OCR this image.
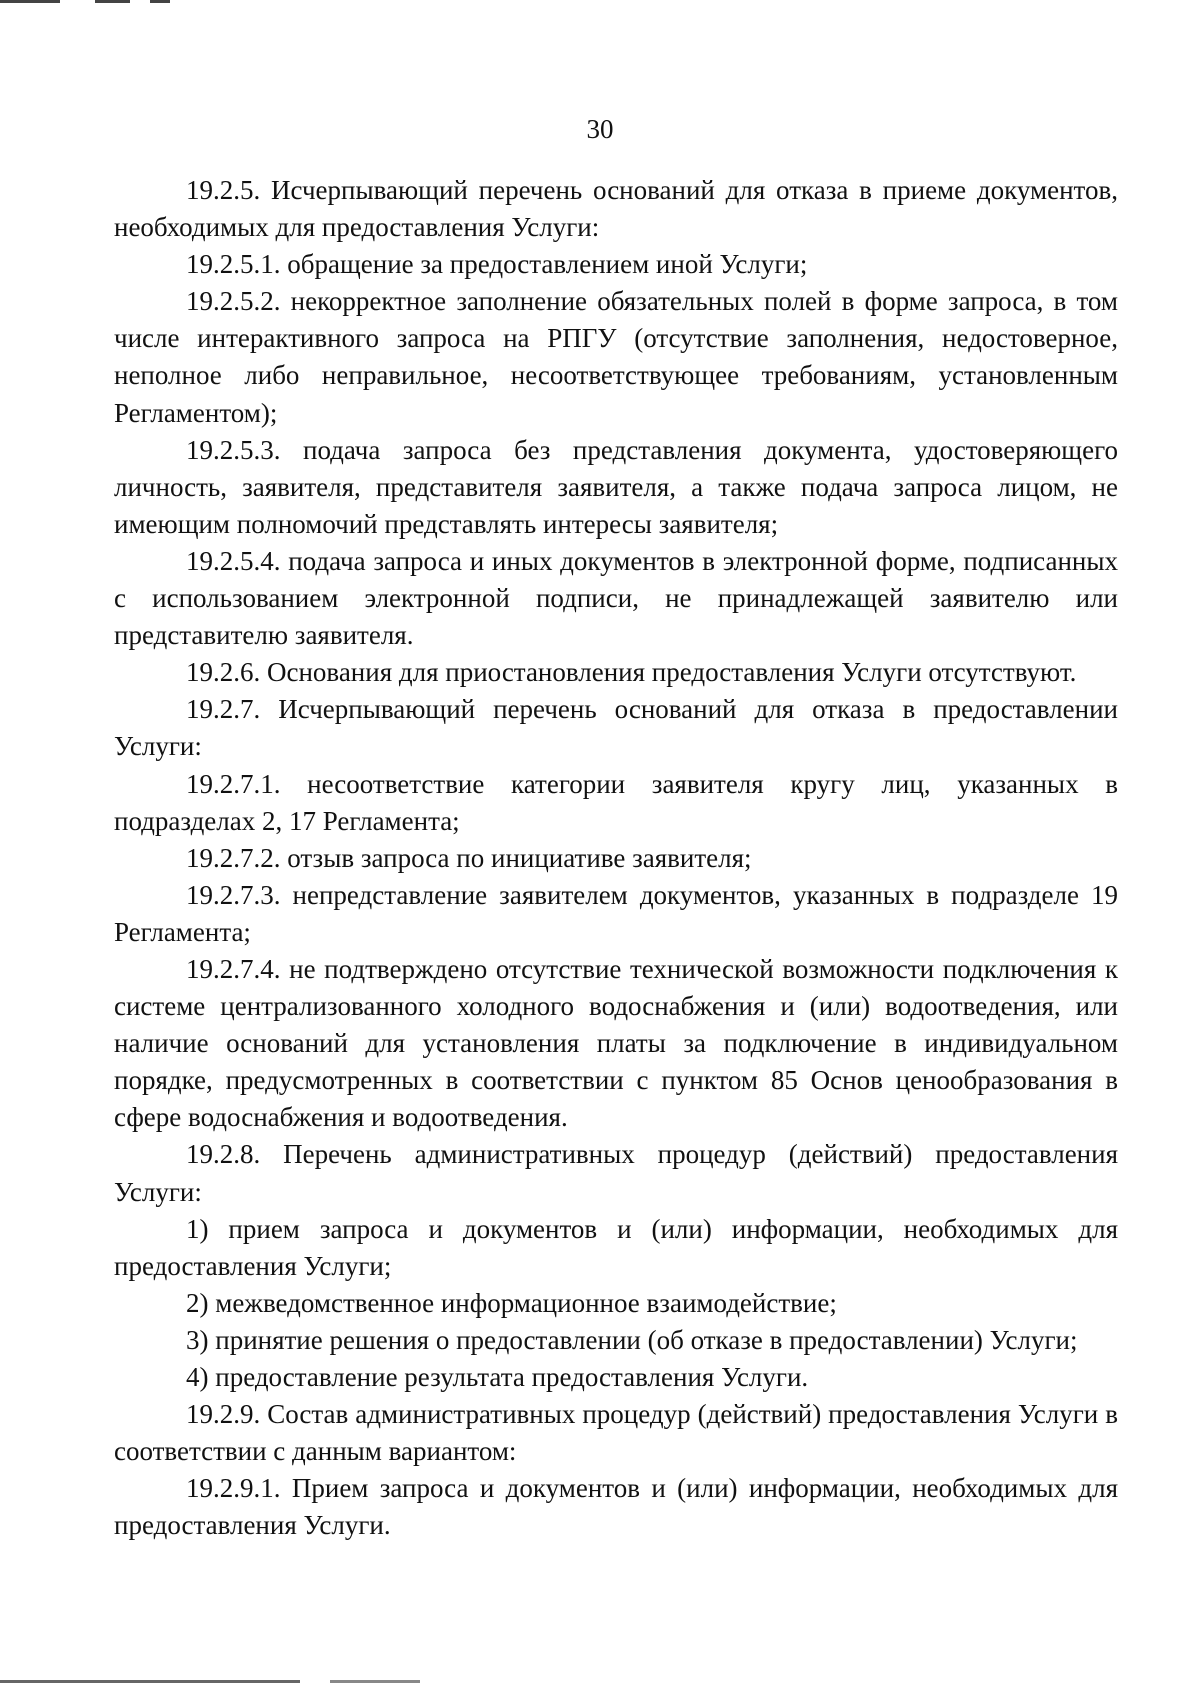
30

19.2.5. Исчерпывающий перечень оснований для отказа в приеме документов, необходимых для предоставления Услуги:

19.2.5.1. обращение за предоставлением иной Услуги;

19.2.5.2. некорректное заполнение обязательных полей в форме запроса, в том числе интерактивного запроса на РПГУ (отсутствие заполнения, недостоверное, неполное либо неправильное, несоответствующее требованиям, установленным Регламентом);

19.2.5.3. подача запроса без представления документа, удостоверяющего личность, заявителя, представителя заявителя, а также подача запроса лицом, не имеющим полномочий представлять интересы заявителя;

19.2.5.4. подача запроса и иных документов в электронной форме, подписанных с использованием электронной подписи, не принадлежащей заявителю или представителю заявителя.

19.2.6. Основания для приостановления предоставления Услуги отсутствуют.

19.2.7. Исчерпывающий перечень оснований для отказа в предоставлении Услуги:

19.2.7.1. несоответствие категории заявителя кругу лиц, указанных в подразделах 2, 17 Регламента;

19.2.7.2. отзыв запроса по инициативе заявителя;

19.2.7.3. непредставление заявителем документов, указанных в подразделе 19 Регламента;

19.2.7.4. не подтверждено отсутствие технической возможности подключения к системе централизованного холодного водоснабжения и (или) водоотведения, или наличие оснований для установления платы за подключение в индивидуальном порядке, предусмотренных в соответствии с пунктом 85 Основ ценообразования в сфере водоснабжения и водоотведения.

19.2.8. Перечень административных процедур (действий) предоставления Услуги:

1) прием запроса и документов и (или) информации, необходимых для предоставления Услуги;

2) межведомственное информационное взаимодействие;

3) принятие решения о предоставлении (об отказе в предоставлении) Услуги;

4) предоставление результата предоставления Услуги.

19.2.9. Состав административных процедур (действий) предоставления Услуги в соответствии с данным вариантом:

19.2.9.1. Прием запроса и документов и (или) информации, необходимых для предоставления Услуги.
